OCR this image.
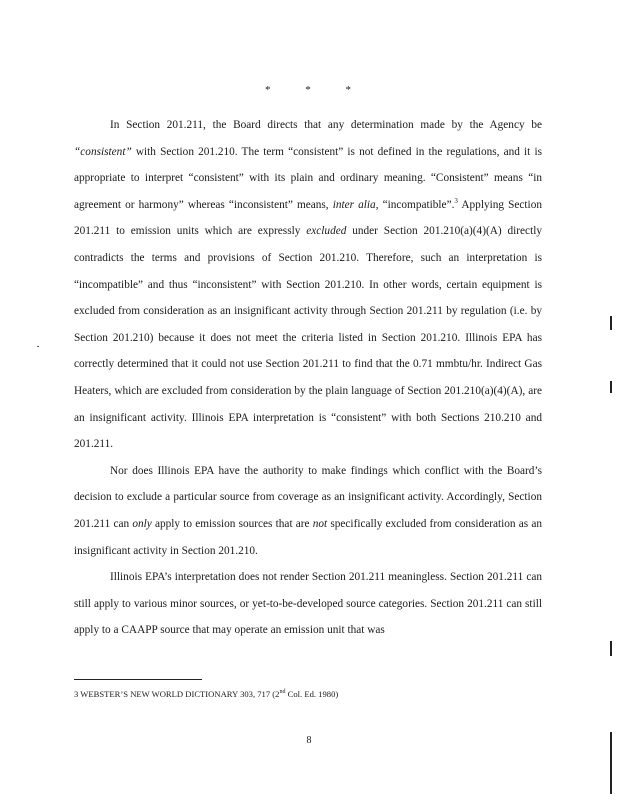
*	*	*

In Section 201.211, the Board directs that any determination made by the Agency be “consistent” with Section 201.210. The term “consistent” is not defined in the regulations, and it is appropriate to interpret “consistent” with its plain and ordinary meaning. “Consistent” means “in agreement or harmony” whereas “inconsistent” means, inter alia, “incompatible”.$^3$ Applying Section 201.211 to emission units which are expressly excluded under Section 201.210(a)(4)(A) directly contradicts the terms and provisions of Section 201.210. Therefore, such an interpretation is “incompatible” and thus “inconsistent” with Section 201.210. In other words, certain equipment is excluded from consideration as an insignificant activity through Section 201.211 by regulation (i.e. by Section 201.210) because it does not meet the criteria listed in Section 201.210. Illinois EPA has correctly determined that it could not use Section 201.211 to find that the 0.71 mmbtu/hr. Indirect Gas Heaters, which are excluded from consideration by the plain language of Section 201.210(a)(4)(A), are an insignificant activity. Illinois EPA interpretation is “consistent” with both Sections 210.210 and 201.211.

Nor does Illinois EPA have the authority to make findings which conflict with the Board’s decision to exclude a particular source from coverage as an insignificant activity. Accordingly, Section 201.211 can only apply to emission sources that are not specifically excluded from consideration as an insignificant activity in Section 201.210.

Illinois EPA’s interpretation does not render Section 201.211 meaningless. Section 201.211 can still apply to various minor sources, or yet-to-be-developed source categories. Section 201.211 can still apply to a CAAPP source that may operate an emission unit that was

3 WEBSTER’S NEW WORLD DICTIONARY 303, 717 (2nd Col. Ed. 1980)
8
